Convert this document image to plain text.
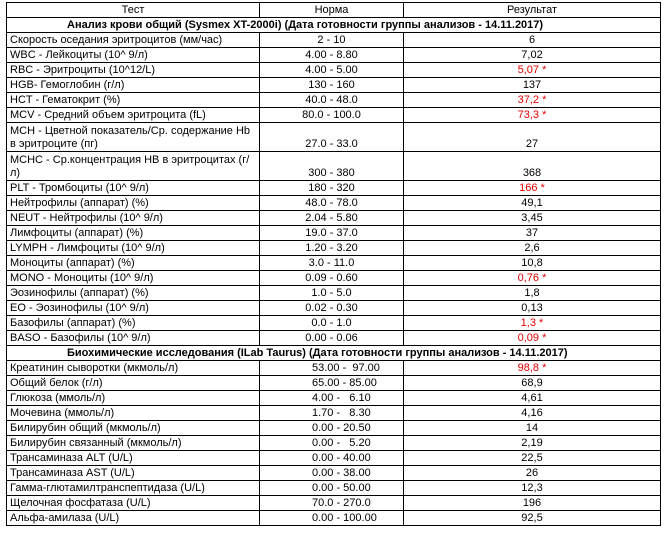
Тест	Норма	Результат
Анализ крови общий (Sysmex XT-2000i) (Дата готовности группы анализов - 14.11.2017)		
Скорость оседания эритроцитов (мм/час)	2 - 10	6
WBC - Лейкоциты (10^ 9/л)	4.00 - 8.80	7,02
RBC - Эритроциты (10^12/L)	4.00 - 5.00	5,07 *
HGB- Гемоглобин (г/л)	130 - 160	137
HCT - Гематокрит (%)	40.0 - 48.0	37,2 *
MCV - Средний объем эритроцита (fL)	80.0 - 100.0	73,3 *
MCH - Цветной показатель/Ср. содержание Hb в эритроците (пг)	27.0 - 33.0	27
MCHC - Ср.концентрация HB в эритроцитах (г/л)	300 - 380	368
PLT - Тромбоциты (10^ 9/л)	180 - 320	166 *
Нейтрофилы (аппарат) (%)	48.0 - 78.0	49,1
NEUT - Нейтрофилы (10^ 9/л)	2.04 - 5.80	3,45
Лимфоциты (аппарат) (%)	19.0 - 37.0	37
LYMPH - Лимфоциты (10^ 9/л)	1.20 - 3.20	2,6
Моноциты (аппарат) (%)	3.0 - 11.0	10,8
MONO - Моноциты (10^ 9/л)	0.09 - 0.60	0,76 *
Эозинофилы (аппарат) (%)	1.0 - 5.0	1,8
EO - Эозинофилы (10^ 9/л)	0.02 - 0.30	0,13
Базофилы (аппарат) (%)	0.0 - 1.0	1,3 *
BASO - Базофилы (10^ 9/л)	0.00 - 0.06	0,09 *
Биохимические исследования (ILab Taurus) (Дата готовности группы анализов - 14.11.2017)		
Креатинин сыворотки (мкмоль/л)	53.00 -  97.00	98,8 *
Общий белок (г/л)	65.00 - 85.00	68,9
Глюкоза (ммоль/л)	4.00 -   6.10	4,61
Мочевина (ммоль/л)	1.70 -   8.30	4,16
Билирубин общий (мкмоль/л)	0.00 - 20.50	14
Билирубин связанный (мкмоль/л)	0.00 -   5.20	2,19
Трансаминаза ALT (U/L)	0.00 - 40.00	22,5
Трансаминаза AST (U/L)	0.00 - 38.00	26
Гамма-глютамилтранспептидаза (U/L)	0.00 - 50.00	12,3
Щелочная фосфатаза (U/L)	70.0 - 270.0	196
Альфа-амилаза (U/L)	0.00 - 100.00	92,5
